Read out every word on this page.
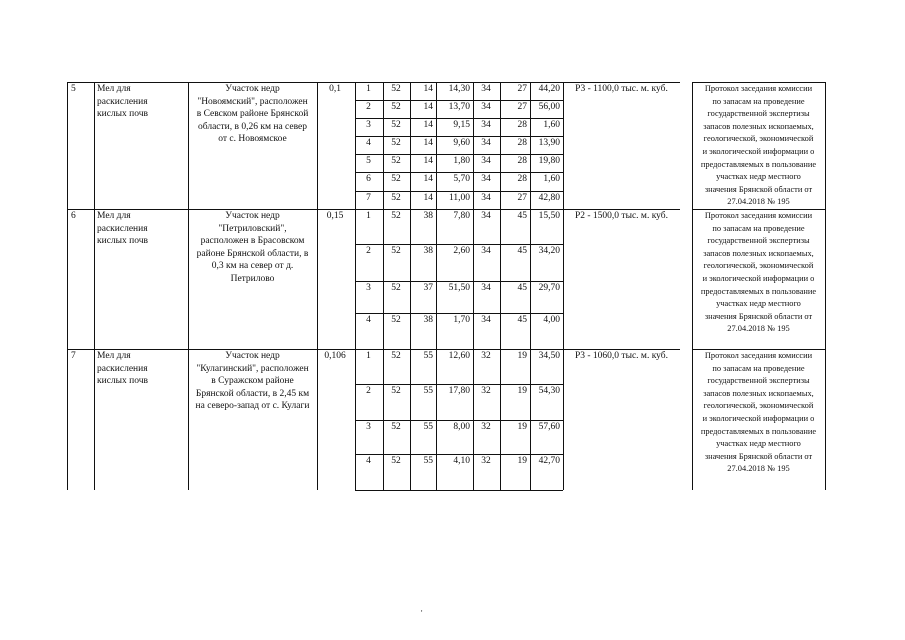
5	Мел для
раскисления
кислых почв
Участок недр
"Новоямский", расположен
в Севском районе Брянской
области, в 0,26 км на север
от с. Новоямское
0,1	1	52	14	14,30	34	27	44,20
2	52	14	13,70	34	27	56,00
3	52	14	9,15	34	28	1,60
4	52	14	9,60	34	28	13,90
5	52	14	1,80	34	28	19,80
6	52	14	5,70	34	28	1,60
7	52	14	11,00	34	27	42,80
Р3 - 1100,0 тыс. м. куб.	Протокол заседания комиссии
по запасам на проведение
государственной экспертизы
запасов полезных ископаемых,
геологической, экономической
и экологической информации о
предоставляемых в пользование
участках недр местного
значения Брянской области от
27.04.2018 № 195
6	Мел для
раскисления
кислых почв
Участок недр
"Петриловский",
расположен в Брасовском
районе Брянской области, в
0,3 км на север от д.
Петрилово
0,15	1	52	38	7,80	34	45	15,50
2	52	38	2,60	34	45	34,20
3	52	37	51,50	34	45	29,70
4	52	38	1,70	34	45	4,00
Р2 - 1500,0 тыс. м. куб.	Протокол заседания комиссии
по запасам на проведение
государственной экспертизы
запасов полезных ископаемых,
геологической, экономической
и экологической информации о
предоставляемых в пользование
участках недр местного
значения Брянской области от
27.04.2018 № 195
7	Мел для
раскисления
кислых почв
Участок недр
"Кулагинский", расположен
в Суражском районе
Брянской области, в 2,45 км
на северо-запад от с. Кулаги
0,106	1	52	55	12,60	32	19	34,50
2	52	55	17,80	32	19	54,30
3	52	55	8,00	32	19	57,60
4	52	55	4,10	32	19	42,70
Р3 - 1060,0 тыс. м. куб.	Протокол заседания комиссии
по запасам на проведение
государственной экспертизы
запасов полезных ископаемых,
геологической, экономической
и экологической информации о
предоставляемых в пользование
участках недр местного
значения Брянской области от
27.04.2018 № 195
·
